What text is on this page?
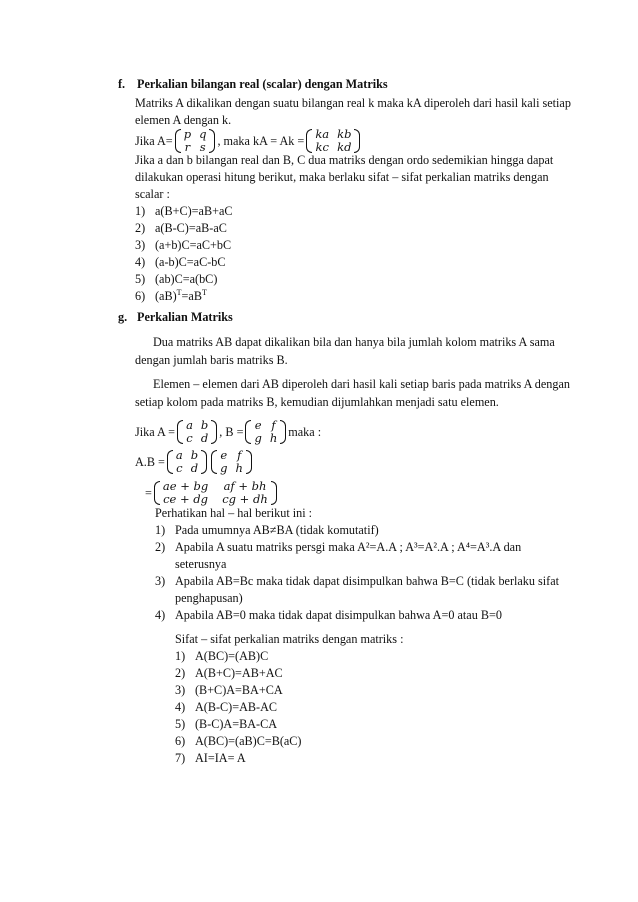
f. Perkalian bilangan real (scalar) dengan Matriks
Matriks A dikalikan dengan suatu bilangan real k maka kA diperoleh dari hasil kali setiap
elemen A dengan k.
Jika A= p	q
r	s , maka kA = Ak = ka	kb
kc	kd
Jika a dan b bilangan real dan B, C dua matriks dengan ordo sedemikian hingga dapat
dilakukan operasi hitung berikut, maka berlaku sifat – sifat perkalian matriks dengan
scalar :
1) a(B+C)=aB+aC
2) a(B-C)=aB-aC
3) (a+b)C=aC+bC
4) (a-b)C=aC-bC
5) (ab)C=a(bC)
6) $(aB)^T=aB^T$
g. Perkalian Matriks
Dua matriks AB dapat dikalikan bila dan hanya bila jumlah kolom matriks A sama
dengan jumlah baris matriks B.
Elemen – elemen dari AB diperoleh dari hasil kali setiap baris pada matriks A dengan
setiap kolom pada matriks B, kemudian dijumlahkan menjadi satu elemen.
Jika A = a	b
c	d , B = e	f
g	h maka :
A.B = a	b
c	d
e	f
g	h
= ae + bg	af + bh
ce + dg	cg + dh
Perhatikan hal – hal berikut ini :
1) Pada umumnya AB≠BA (tidak komutatif)
2) Apabila A suatu matriks persgi maka A²=A.A ; A³=A².A ; A⁴=A³.A dan
seterusnya
3) Apabila AB=Bc maka tidak dapat disimpulkan bahwa B=C (tidak berlaku sifat
penghapusan)
4) Apabila AB=0 maka tidak dapat disimpulkan bahwa A=0 atau B=0
Sifat – sifat perkalian matriks dengan matriks :
1) A(BC)=(AB)C
2) A(B+C)=AB+AC
3) (B+C)A=BA+CA
4) A(B-C)=AB-AC
5) (B-C)A=BA-CA
6) A(BC)=(aB)C=B(aC)
7) AI=IA= A
